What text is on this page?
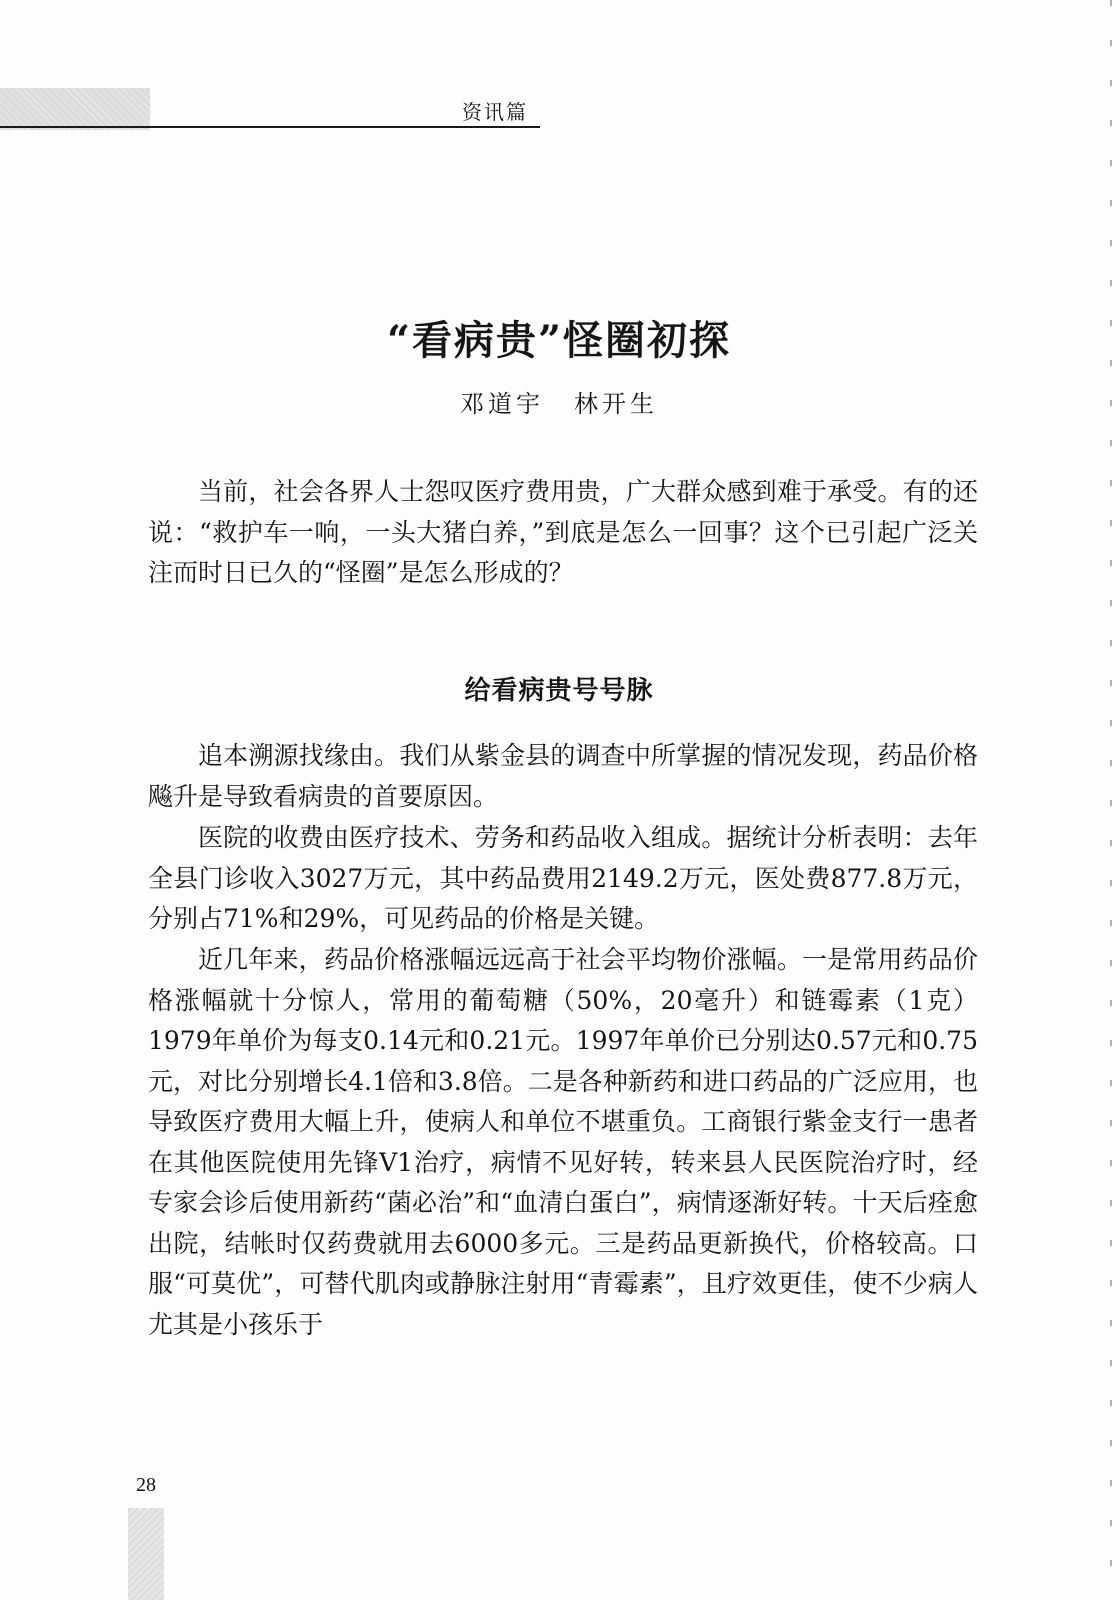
资讯篇
“看病贵”怪圈初探
邓道宇 林开生

当前，社会各界人士怨叹医疗费用贵，广大群众感到难于承受。有的还说：“救护车一响，一头大猪白养，”到底是怎么一回事？这个已引起广泛关注而时日已久的“怪圈”是怎么形成的？

给看病贵号号脉

追本溯源找缘由。我们从紫金县的调查中所掌握的情况发现，药品价格飚升是导致看病贵的首要原因。

医院的收费由医疗技术、劳务和药品收入组成。据统计分析表明：去年全县门诊收入3027万元，其中药品费用2149.2万元，医处费877.8万元，分别占71%和29%，可见药品的价格是关键。

近几年来，药品价格涨幅远远高于社会平均物价涨幅。一是常用药品价格涨幅就十分惊人，常用的葡萄糖（50%，20毫升）和链霉素（1克）1979年单价为每支0.14元和0.21元。1997年单价已分别达0.57元和0.75元，对比分别增长4.1倍和3.8倍。二是各种新药和进口药品的广泛应用，也导致医疗费用大幅上升，使病人和单位不堪重负。工商银行紫金支行一患者在其他医院使用先锋V1治疗，病情不见好转，转来县人民医院治疗时，经专家会诊后使用新药“菌必治”和“血清白蛋白”，病情逐渐好转。十天后痊愈出院，结帐时仅药费就用去6000多元。三是药品更新换代，价格较高。口服“可莫优”，可替代肌肉或静脉注射用“青霉素”，且疗效更佳，使不少病人尤其是小孩乐于

28
